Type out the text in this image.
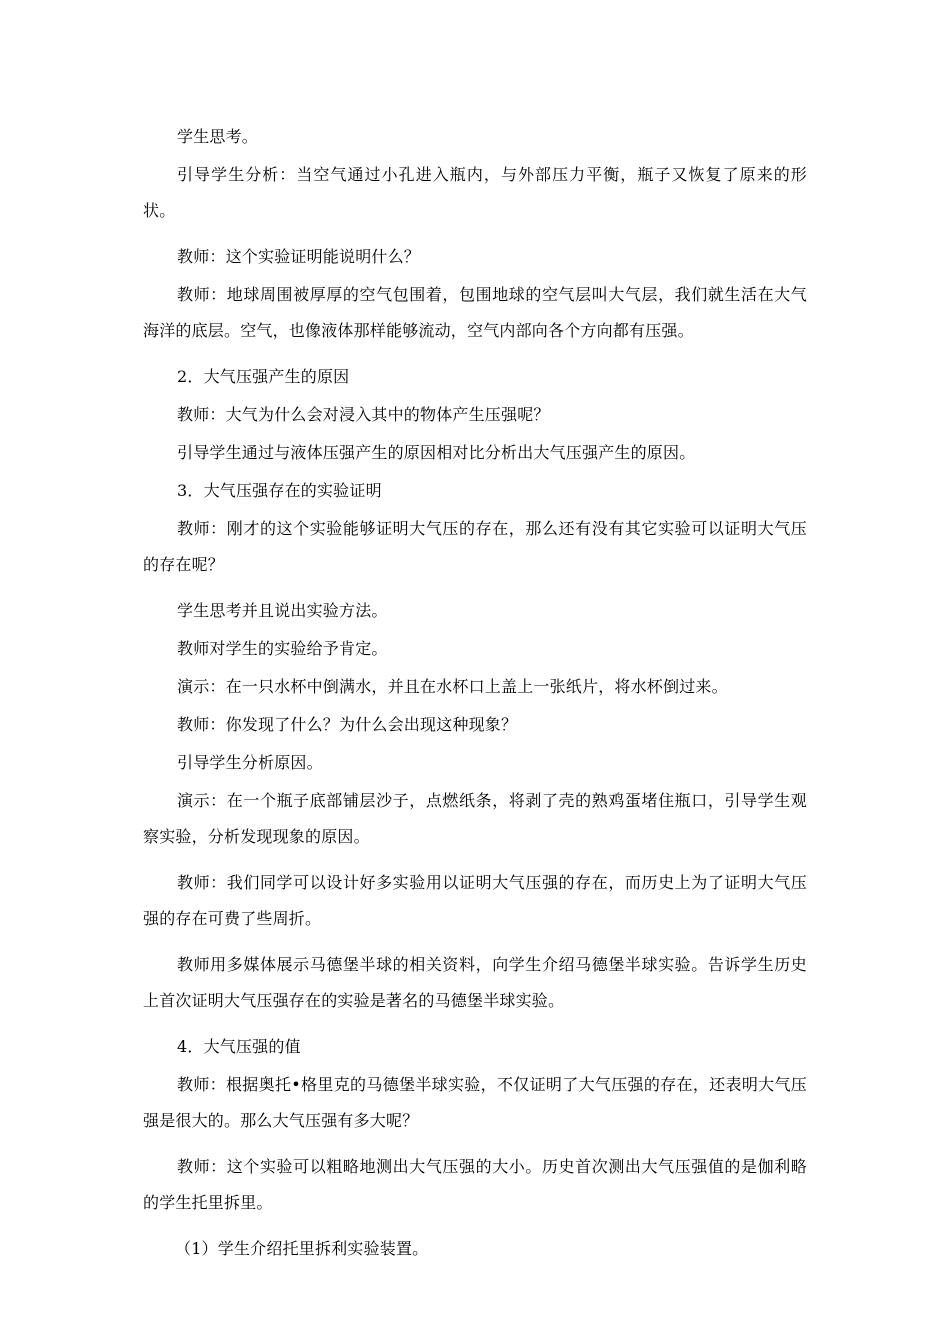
学生思考。

引导学生分析：当空气通过小孔进入瓶内，与外部压力平衡，瓶子又恢复了原来的形状。

教师：这个实验证明能说明什么？

教师：地球周围被厚厚的空气包围着，包围地球的空气层叫大气层，我们就生活在大气海洋的底层。空气，也像液体那样能够流动，空气内部向各个方向都有压强。

2．大气压强产生的原因

教师：大气为什么会对浸入其中的物体产生压强呢？

引导学生通过与液体压强产生的原因相对比分析出大气压强产生的原因。

3．大气压强存在的实验证明

教师：刚才的这个实验能够证明大气压的存在，那么还有没有其它实验可以证明大气压的存在呢？

学生思考并且说出实验方法。

教师对学生的实验给予肯定。

演示：在一只水杯中倒满水，并且在水杯口上盖上一张纸片，将水杯倒过来。

教师：你发现了什么？为什么会出现这种现象？

引导学生分析原因。

演示：在一个瓶子底部铺层沙子，点燃纸条，将剥了壳的熟鸡蛋堵住瓶口，引导学生观察实验，分析发现现象的原因。

教师：我们同学可以设计好多实验用以证明大气压强的存在，而历史上为了证明大气压强的存在可费了些周折。

教师用多媒体展示马德堡半球的相关资料，向学生介绍马德堡半球实验。告诉学生历史上首次证明大气压强存在的实验是著名的马德堡半球实验。

4．大气压强的值

教师：根据奥托•格里克的马德堡半球实验，不仅证明了大气压强的存在，还表明大气压强是很大的。那么大气压强有多大呢？

教师：这个实验可以粗略地测出大气压强的大小。历史首次测出大气压强值的是伽利略的学生托里拆里。

（1）学生介绍托里拆利实验装置。
